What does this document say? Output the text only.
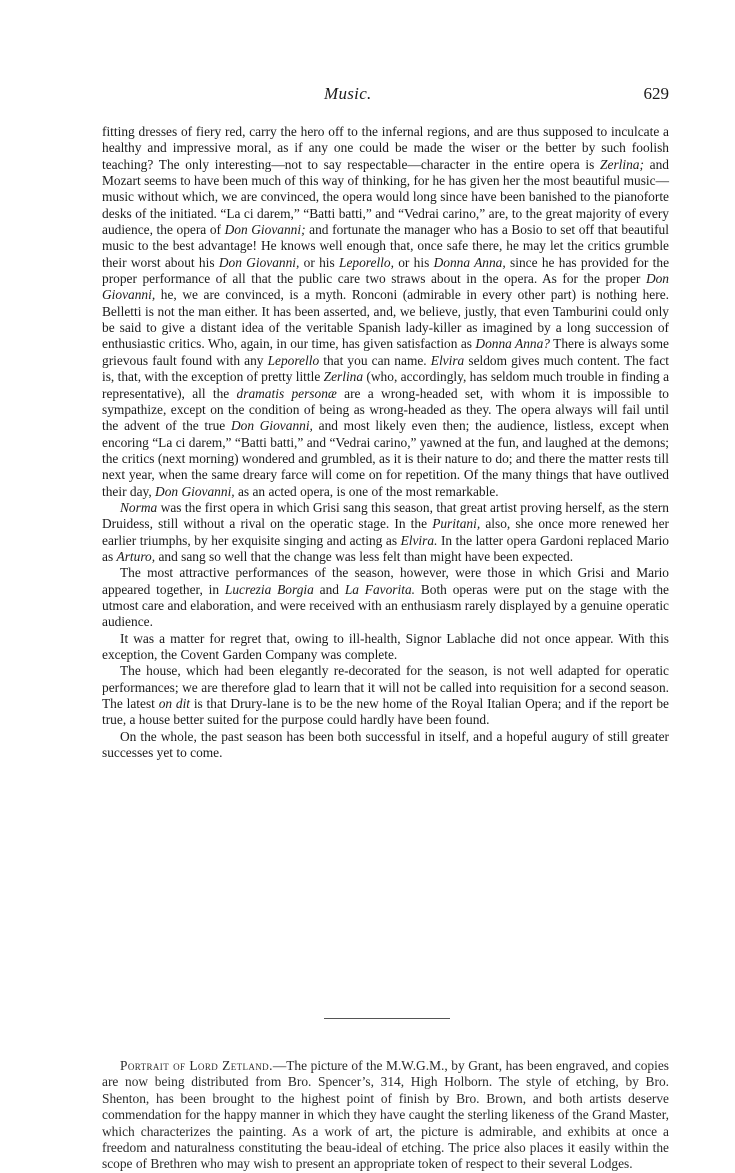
Music.	629

fitting dresses of fiery red, carry the hero off to the infernal regions, and are thus supposed to inculcate a healthy and impressive moral, as if any one could be made the wiser or the better by such foolish teaching? The only interesting—not to say respectable—character in the entire opera is Zerlina; and Mozart seems to have been much of this way of thinking, for he has given her the most beautiful music—music without which, we are convinced, the opera would long since have been banished to the pianoforte desks of the initiated. “La ci darem,” “Batti batti,” and “Vedrai carino,” are, to the great majority of every audience, the opera of Don Giovanni; and fortunate the manager who has a Bosio to set off that beautiful music to the best advantage! He knows well enough that, once safe there, he may let the critics grumble their worst about his Don Giovanni, or his Leporello, or his Donna Anna, since he has provided for the proper performance of all that the public care two straws about in the opera. As for the proper Don Giovanni, he, we are convinced, is a myth. Ronconi (admirable in every other part) is nothing here. Belletti is not the man either. It has been asserted, and, we believe, justly, that even Tamburini could only be said to give a distant idea of the veritable Spanish lady-killer as imagined by a long succession of enthusiastic critics. Who, again, in our time, has given satisfaction as Donna Anna? There is always some grievous fault found with any Leporello that you can name. Elvira seldom gives much content. The fact is, that, with the exception of pretty little Zerlina (who, accordingly, has seldom much trouble in finding a representative), all the dramatis personæ are a wrong-headed set, with whom it is impossible to sympathize, except on the condition of being as wrong-headed as they. The opera always will fail until the advent of the true Don Giovanni, and most likely even then; the audience, listless, except when encoring “La ci darem,” “Batti batti,” and “Vedrai carino,” yawned at the fun, and laughed at the demons; the critics (next morning) wondered and grumbled, as it is their nature to do; and there the matter rests till next year, when the same dreary farce will come on for repetition. Of the many things that have outlived their day, Don Giovanni, as an acted opera, is one of the most remarkable.

Norma was the first opera in which Grisi sang this season, that great artist proving herself, as the stern Druidess, still without a rival on the operatic stage. In the Puritani, also, she once more renewed her earlier triumphs, by her exquisite singing and acting as Elvira. In the latter opera Gardoni replaced Mario as Arturo, and sang so well that the change was less felt than might have been expected.

The most attractive performances of the season, however, were those in which Grisi and Mario appeared together, in Lucrezia Borgia and La Favorita. Both operas were put on the stage with the utmost care and elaboration, and were received with an enthusiasm rarely displayed by a genuine operatic audience.

It was a matter for regret that, owing to ill-health, Signor Lablache did not once appear. With this exception, the Covent Garden Company was complete.

The house, which had been elegantly re-decorated for the season, is not well adapted for operatic performances; we are therefore glad to learn that it will not be called into requisition for a second season. The latest on dit is that Drury-lane is to be the new home of the Royal Italian Opera; and if the report be true, a house better suited for the purpose could hardly have been found.

On the whole, the past season has been both successful in itself, and a hopeful augury of still greater successes yet to come.

Portrait of Lord Zetland.—The picture of the M.W.G.M., by Grant, has been engraved, and copies are now being distributed from Bro. Spencer’s, 314, High Holborn. The style of etching, by Bro. Shenton, has been brought to the highest point of finish by Bro. Brown, and both artists deserve commendation for the happy manner in which they have caught the sterling likeness of the Grand Master, which characterizes the painting. As a work of art, the picture is admirable, and exhibits at once a freedom and naturalness constituting the beau-ideal of etching. The price also places it easily within the scope of Brethren who may wish to present an appropriate token of respect to their several Lodges.
